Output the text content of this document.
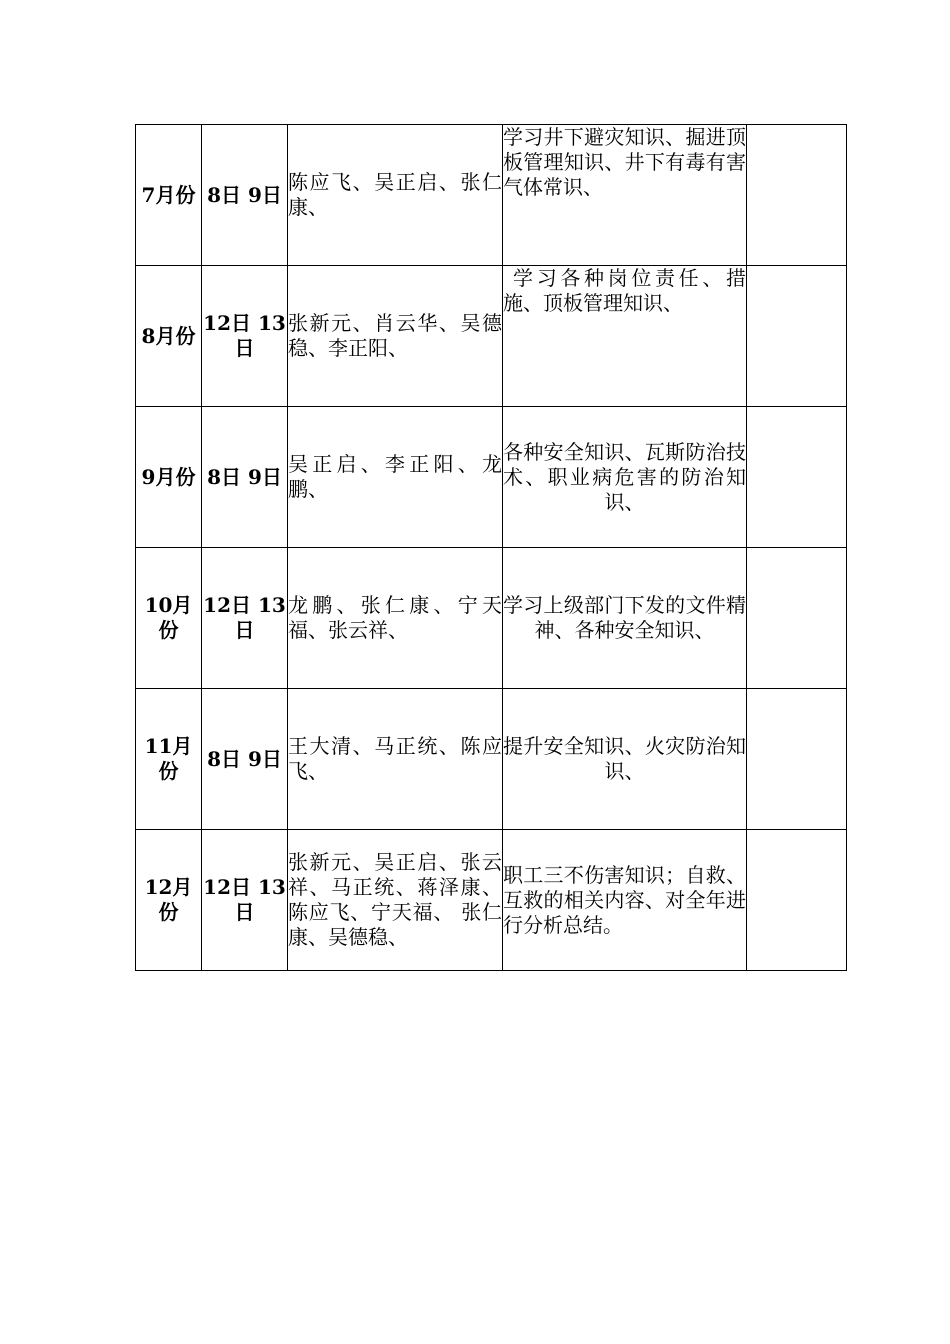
7月份	8日 9日	陈应飞、吴正启、张仁康、	学习井下避灾知识、掘进顶板管理知识、井下有毒有害气体常识、	

8月份	12日 13日	张新元、肖云华、吴德稳、李正阳、	学习各种岗位责任、措施、顶板管理知识、	

9月份	8日 9日	吴正启、李正阳、龙鹏、	各种安全知识、瓦斯防治技术、职业病危害的防治知识、	

10月份	12日 13日	龙鹏、张仁康、宁天福、张云祥、	学习上级部门下发的文件精神、各种安全知识、	

11月份	8日 9日	王大清、马正统、陈应飞、	提升安全知识、火灾防治知识、	

12月份	12日 13日	张新元、吴正启、张云祥、马正统、蒋泽康、陈应飞、宁天福、 张仁康、吴德稳、	职工三不伤害知识；自救、互救的相关内容、对全年进行分析总结。	
